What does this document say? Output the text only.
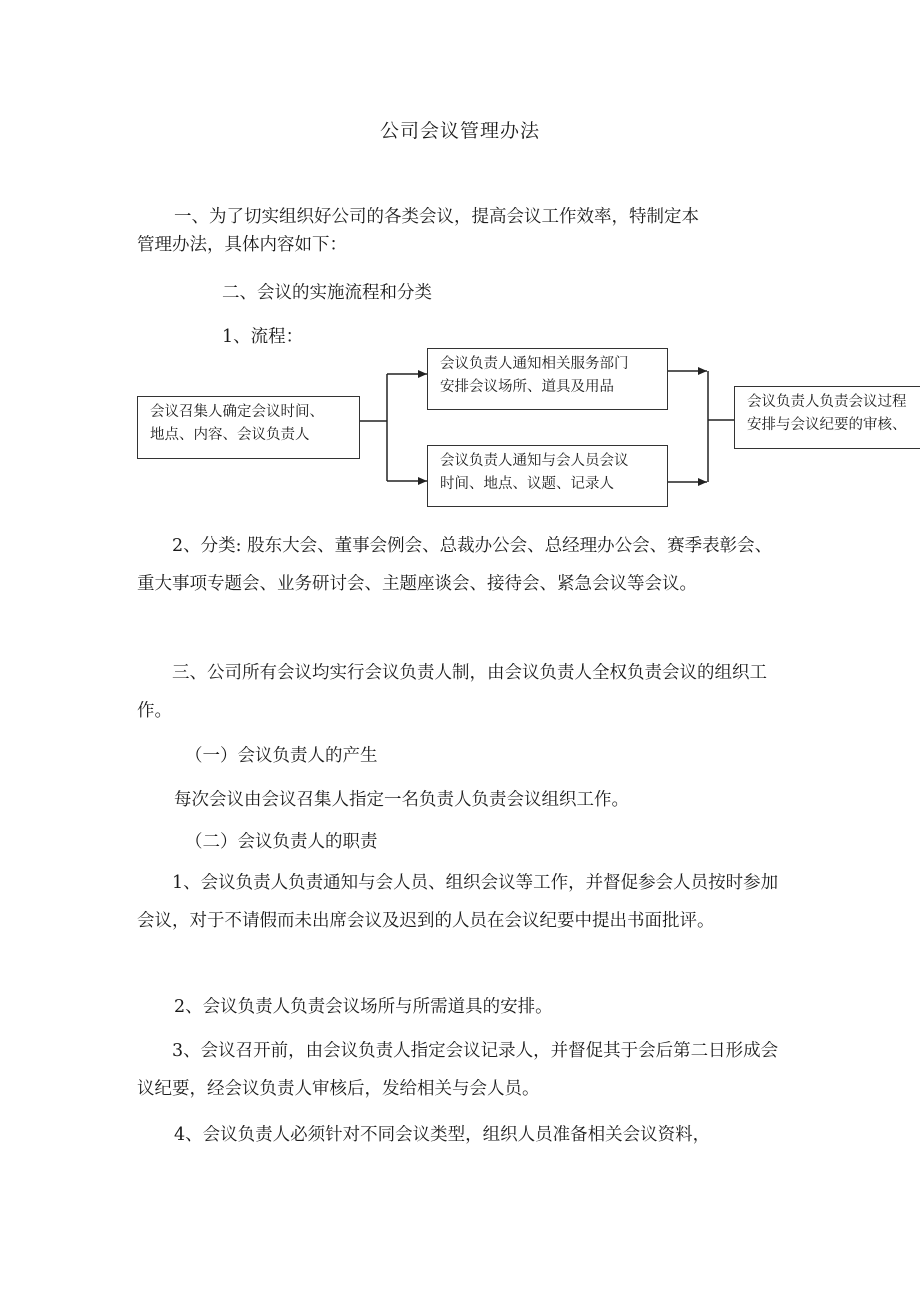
公司会议管理办法
一、为了切实组织好公司的各类会议，提高会议工作效率，特制定本
管理办法，具体内容如下：
二、会议的实施流程和分类
1、流程：
会议召集人确定会议时间、
地点、内容、会议负责人
会议负责人通知相关服务部门
安排会议场所、道具及用品
会议负责人通知与会人员会议
时间、地点、议题、记录人
会议负责人负责会议过程
安排与会议纪要的审核、
2、分类: 股东大会、董事会例会、总裁办公会、总经理办公会、赛季表彰会、重大事项专题会、业务研讨会、主题座谈会、接待会、紧急会议等会议。
三、公司所有会议均实行会议负责人制，由会议负责人全权负责会议的组织工作。
（一）会议负责人的产生
每次会议由会议召集人指定一名负责人负责会议组织工作。
（二）会议负责人的职责
1、会议负责人负责通知与会人员、组织会议等工作，并督促参会人员按时参加会议，对于不请假而未出席会议及迟到的人员在会议纪要中提出书面批评。
2、会议负责人负责会议场所与所需道具的安排。
3、会议召开前，由会议负责人指定会议记录人，并督促其于会后第二日形成会议纪要，经会议负责人审核后，发给相关与会人员。
4、会议负责人必须针对不同会议类型，组织人员准备相关会议资料，
